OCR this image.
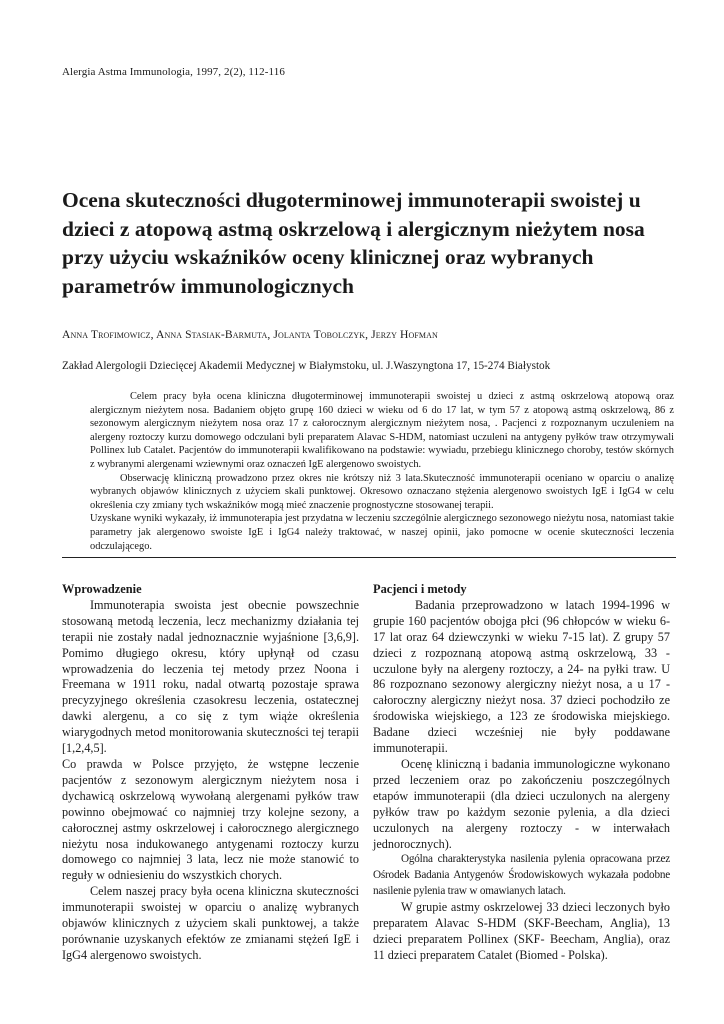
Alergia Astma Immunologia, 1997, 2(2), 112-116
Ocena skuteczności długoterminowej immunoterapii swoistej u dzieci z atopową astmą oskrzelową i alergicznym nieżytem nosa przy użyciu wskaźników oceny klinicznej oraz wybranych parametrów immunologicznych
Anna Trofimowicz, Anna Stasiak-Barmuta, Jolanta Tobolczyk, Jerzy Hofman
Zakład Alergologii Dziecięcej Akademii Medycznej w Białymstoku, ul. J.Waszyngtona 17, 15-274 Białystok

Celem pracy była ocena kliniczna długoterminowej immunoterapii swoistej u dzieci z astmą oskrzelową atopową oraz alergicznym nieżytem nosa. Badaniem objęto grupę 160 dzieci w wieku od 6 do 17 lat, w tym 57 z atopową astmą oskrzelową, 86 z sezonowym alergicznym nieżytem nosa oraz 17 z całorocznym alergicznym nieżytem nosa, . Pacjenci z rozpoznanym uczuleniem na alergeny roztoczy kurzu domowego odczulani byli preparatem Alavac S-HDM, natomiast uczuleni na antygeny pyłków traw otrzymywali Pollinex lub Catalet. Pacjentów do immunoterapii kwalifikowano na podstawie: wywiadu, przebiegu klinicznego choroby, testów skórnych z wybranymi alergenami wziewnymi oraz oznaczeń IgE alergenowo swoistych.

Obserwację kliniczną prowadzono przez okres nie krótszy niż 3 lata.Skuteczność immunoterapii oceniano w oparciu o analizę wybranych objawów klinicznych z użyciem skali punktowej. Okresowo oznaczano stężenia alergenowo swoistych IgE i IgG4 w celu określenia czy zmiany tych wskaźników mogą mieć znaczenie prognostyczne stosowanej terapii.

Uzyskane wyniki wykazały, iż immunoterapia jest przydatna w leczeniu szczególnie alergicznego sezonowego nieżytu nosa, natomiast takie parametry jak alergenowo swoiste IgE i IgG4 należy traktować, w naszej opinii, jako pomocne w ocenie skuteczności leczenia odczulającego.

Wprowadzenie

Immunoterapia swoista jest obecnie powszechnie stosowaną metodą leczenia, lecz mechanizmy działania tej terapii nie zostały nadal jednoznacznie wyjaśnione [3,6,9]. Pomimo długiego okresu, który upłynął od czasu wprowadzenia do leczenia tej metody przez Noona i Freemana w 1911 roku, nadal otwartą pozostaje sprawa precyzyjnego określenia czasokresu leczenia, ostatecznej dawki alergenu, a co się z tym wiąże określenia wiarygodnych metod monitorowania skuteczności tej terapii [1,2,4,5].

Co prawda w Polsce przyjęto, że wstępne leczenie pacjentów z sezonowym alergicznym nieżytem nosa i dychawicą oskrzelową wywołaną alergenami pyłków traw powinno obejmować co najmniej trzy kolejne sezony, a całorocznej astmy oskrzelowej i całorocznego alergicznego nieżytu nosa indukowanego antygenami roztoczy kurzu domowego co najmniej 3 lata, lecz nie może stanowić to reguły w odniesieniu do wszystkich chorych.

Celem naszej pracy była ocena kliniczna skuteczności immunoterapii swoistej w oparciu o analizę wybranych objawów klinicznych z użyciem skali punktowej, a także porównanie uzyskanych efektów ze zmianami stężeń IgE i IgG4 alergenowo swoistych.

Pacjenci i metody

Badania przeprowadzono w latach 1994-1996 w grupie 160 pacjentów obojga płci (96 chłopców w wieku 6-17 lat oraz 64 dziewczynki w wieku 7-15 lat). Z grupy 57 dzieci z rozpoznaną atopową astmą oskrzelową, 33 - uczulone były na alergeny roztoczy, a 24- na pyłki traw. U 86 rozpoznano sezonowy alergiczny nieżyt nosa, a u 17 - całoroczny alergiczny nieżyt nosa. 37 dzieci pochodziło ze środowiska wiejskiego, a 123 ze środowiska miejskiego. Badane dzieci wcześniej nie były poddawane immunoterapii.

Ocenę kliniczną i badania immunologiczne wykonano przed leczeniem oraz po zakończeniu poszczególnych etapów immunoterapii (dla dzieci uczulonych na alergeny pyłków traw po każdym sezonie pylenia, a dla dzieci uczulonych na alergeny roztoczy - w interwałach jednorocznych).

Ogólna charakterystyka nasilenia pylenia opracowana przez Ośrodek Badania Antygenów Środowiskowych wykazała podobne nasilenie pylenia traw w omawianych latach.

W grupie astmy oskrzelowej 33 dzieci leczonych było preparatem Alavac S-HDM (SKF-Beecham, Anglia), 13 dzieci preparatem Pollinex (SKF- Beecham, Anglia), oraz 11 dzieci preparatem Catalet (Biomed - Polska).
